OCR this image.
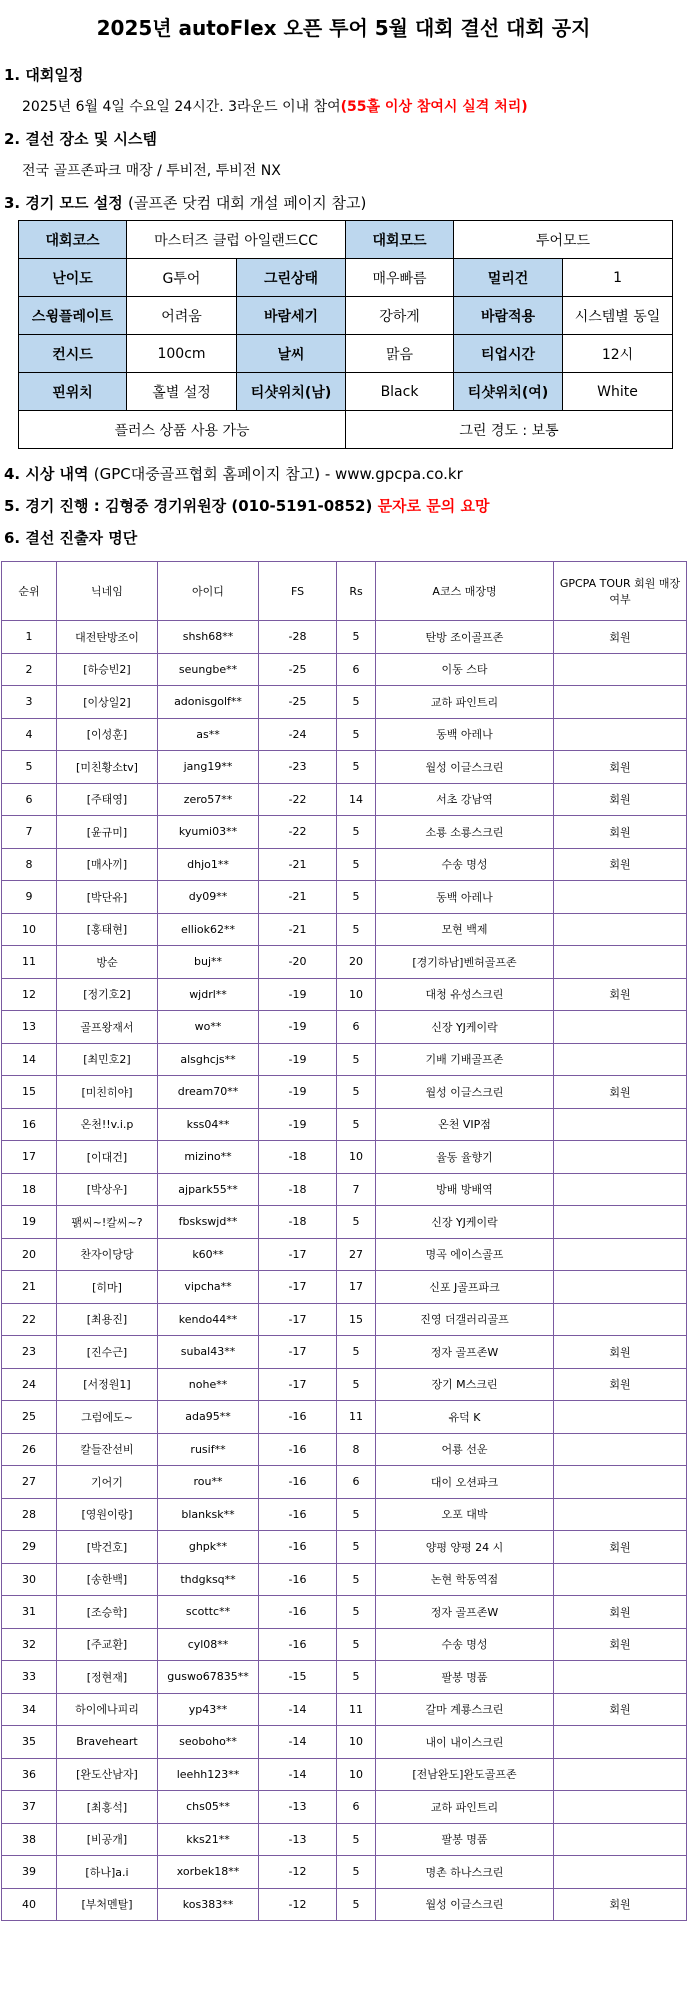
2025년 autoFlex 오픈 투어 5월 대회 결선 대회 공지
1. 대회일정
2025년 6월 4일 수요일 24시간. 3라운드 이내 참여(55홀 이상 참여시 실격 처리)
2. 결선 장소 및 시스템
전국 골프존파크 매장 / 투비전, 투비전 NX
3. 경기 모드 설정 (골프존 닷컴 대회 개설 페이지 참고)
대회코스	마스터즈 클럽 아일랜드CC		대회모드	투어모드	
난이도	G투어	그린상태	매우빠름	멀리건	1
스윙플레이트	어려움	바람세기	강하게	바람적용	시스템별 동일
컨시드	100cm	날씨	맑음	티업시간	12시
핀위치	홀별 설정	티샷위치(남)	Black	티샷위치(여)	White
플러스 상품 사용 가능			그린 경도 : 보통		
4. 시상 내역 (GPC대중골프협회 홈페이지 참고) - www.gpcpa.co.kr
5. 경기 진행 : 김형중 경기위원장 (010-5191-0852) 문자로 문의 요망
6. 결선 진출자 명단
순위	닉네임	아이디	FS	Rs	A코스 매장명	GPCPA TOUR 회원 매장 여부
1	대전탄방조이	shsh68**	-28	5	탄방 조이골프존	회원
2	[하승빈2]	seungbe**	-25	6	이동 스타	
3	[이상일2]	adonisgolf**	-25	5	교하 파인트리	
4	[이성훈]	as**	-24	5	동백 아레나	
5	[미친황소tv]	jang19**	-23	5	월성 이글스크린	회원
6	[주태영]	zero57**	-22	14	서초 강남역	회원
7	[윤규미]	kyumi03**	-22	5	소룡 소룡스크린	회원
8	[매사끼]	dhjo1**	-21	5	수송 명성	회원
9	[박단유]	dy09**	-21	5	동백 아레나	
10	[홍태현]	elliok62**	-21	5	모현 백제	
11	방순	buj**	-20	20	[경기하남]벤허골프존	
12	[정기호2]	wjdrl**	-19	10	대청 유성스크린	회원
13	골프왕재서	wo**	-19	6	신장 YJ케이락	
14	[최민호2]	alsghcjs**	-19	5	기배 기배골프존	
15	[미친히야]	dream70**	-19	5	월성 이글스크린	회원
16	온천!!v.i.p	kss04**	-19	5	온천 VIP점	
17	[이대건]	mizino**	-18	10	율동 율향기	
18	[박상우]	ajpark55**	-18	7	방배 방배역	
19	팱씨~!칼씨~?	fbskswjd**	-18	5	신장 YJ케이락	
20	찬자이당당	k60**	-17	27	명곡 에이스골프	
21	[히마]	vipcha**	-17	17	신포 J골프파크	
22	[최용진]	kendo44**	-17	15	진영 더갤러리골프	
23	[진수근]	subal43**	-17	5	정자 골프존W	회원
24	[서정원1]	nohe**	-17	5	장기 M스크린	회원
25	그럼에도~	ada95**	-16	11	유덕 K	
26	칼들잔선비	rusif**	-16	8	어룡 선운	
27	기어기	rou**	-16	6	대이 오션파크	
28	[영원이랑]	blanksk**	-16	5	오포 대박	
29	[박건호]	ghpk**	-16	5	양평 양평 24 시	회원
30	[송한백]	thdgksq**	-16	5	논현 학동역점	
31	[조승학]	scottc**	-16	5	정자 골프존W	회원
32	[주교환]	cyl08**	-16	5	수송 명성	회원
33	[정현재]	guswo67835**	-15	5	팔봉 명품	
34	하이에나피리	yp43**	-14	11	갈마 계룡스크린	회원
35	Braveheart	seoboho**	-14	10	내이 내이스크린	
36	[완도산남자]	leehh123**	-14	10	[전남완도]완도골프존	
37	[최홍석]	chs05**	-13	6	교하 파인트리	
38	[비공개]	kks21**	-13	5	팔봉 명품	
39	[하나]a.i	xorbek18**	-12	5	명촌 하나스크린	
40	[부처멘탈]	kos383**	-12	5	월성 이글스크린	회원
